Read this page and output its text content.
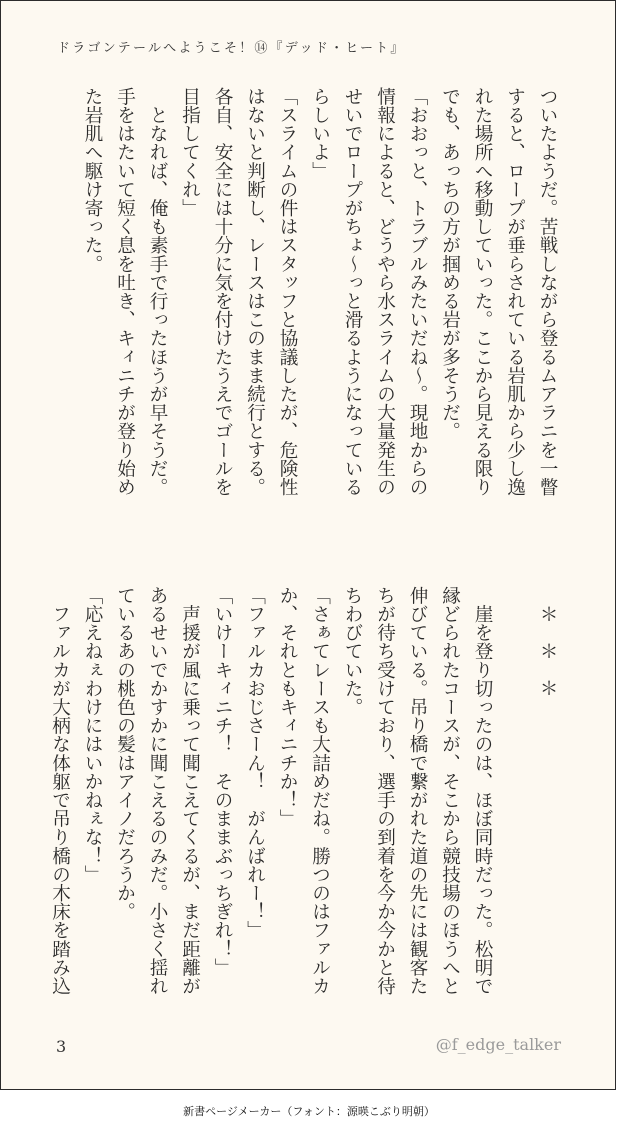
ドラゴンテールへようこそ！⑭『デッド・ヒート』
ついたようだ。苦戦しながら登るムアラニを一瞥
すると、ロープが垂らされている岩肌から少し逸
れた場所へ移動していった。ここから見える限り
でも、あっちの方が掴める岩が多そうだ。
「おおっと、トラブルみたいだね～。現地からの
情報によると、どうやら水スライムの大量発生の
せいでロープがちょ～っと滑るようになっている
らしいよ」
「スライムの件はスタッフと協議したが、危険性
はないと判断し、レースはこのまま続行とする。
各自、安全には十分に気を付けたうえでゴールを
目指してくれ」
　となれば、俺も素手で行ったほうが早そうだ。
手をはたいて短く息を吐き、キィニチが登り始め
た岩肌へ駆け寄った。
　＊　＊　＊
　崖を登り切ったのは、ほぼ同時だった。松明で
縁どられたコースが、そこから競技場のほうへと
伸びている。吊り橋で繋がれた道の先には観客た
ちが待ち受けており、選手の到着を今か今かと待
ちわびていた。
「さぁてレースも大詰めだね。勝つのはファルカ
か、それともキィニチか！」
「ファルカおじさーん！　がんばれー！」
「いけーキィニチ！　そのままぶっちぎれ！」
　声援が風に乗って聞こえてくるが、まだ距離が
あるせいでかすかに聞こえるのみだ。小さく揺れ
ているあの桃色の髪はアイノだろうか。
「応えねぇわけにはいかねぇな！」
　ファルカが大柄な体躯で吊り橋の木床を踏み込
3	@f_edge_talker
新書ページメーカー（フォント：源暎こぶり明朝）
